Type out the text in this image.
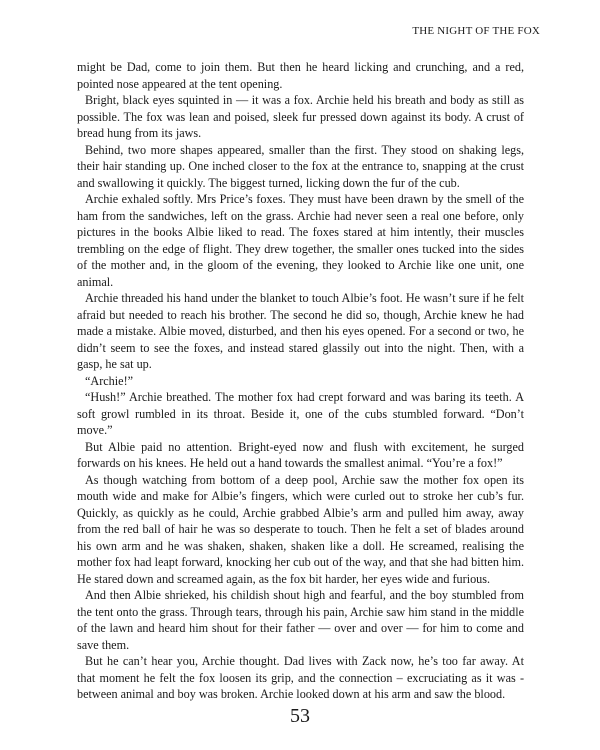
THE NIGHT OF THE FOX

might be Dad, come to join them. But then he heard licking and crunching, and a red, pointed nose appeared at the tent opening.

Bright, black eyes squinted in — it was a fox. Archie held his breath and body as still as possible. The fox was lean and poised, sleek fur pressed down against its body. A crust of bread hung from its jaws.

Behind, two more shapes appeared, smaller than the first. They stood on shaking legs, their hair standing up. One inched closer to the fox at the entrance to, snapping at the crust and swallowing it quickly. The biggest turned, licking down the fur of the cub.

Archie exhaled softly. Mrs Price’s foxes. They must have been drawn by the smell of the ham from the sandwiches, left on the grass. Archie had never seen a real one before, only pictures in the books Albie liked to read. The foxes stared at him intently, their muscles trembling on the edge of flight. They drew together, the smaller ones tucked into the sides of the mother and, in the gloom of the evening, they looked to Archie like one unit, one animal.

Archie threaded his hand under the blanket to touch Albie’s foot. He wasn’t sure if he felt afraid but needed to reach his brother. The second he did so, though, Archie knew he had made a mistake. Albie moved, disturbed, and then his eyes opened. For a second or two, he didn’t seem to see the foxes, and instead stared glassily out into the night. Then, with a gasp, he sat up.

“Archie!”

“Hush!” Archie breathed. The mother fox had crept forward and was baring its teeth. A soft growl rumbled in its throat. Beside it, one of the cubs stumbled forward. “Don’t move.”

But Albie paid no attention. Bright-eyed now and flush with excitement, he surged forwards on his knees. He held out a hand towards the smallest animal. “You’re a fox!”

As though watching from bottom of a deep pool, Archie saw the mother fox open its mouth wide and make for Albie’s fingers, which were curled out to stroke her cub’s fur. Quickly, as quickly as he could, Archie grabbed Albie’s arm and pulled him away, away from the red ball of hair he was so desperate to touch. Then he felt a set of blades around his own arm and he was shaken, shaken, shaken like a doll. He screamed, realising the mother fox had leapt forward, knocking her cub out of the way, and that she had bitten him. He stared down and screamed again, as the fox bit harder, her eyes wide and furious.

And then Albie shrieked, his childish shout high and fearful, and the boy stumbled from the tent onto the grass. Through tears, through his pain, Archie saw him stand in the middle of the lawn and heard him shout for their father — over and over — for him to come and save them.

But he can’t hear you, Archie thought. Dad lives with Zack now, he’s too far away. At that moment he felt the fox loosen its grip, and the connection – excruciating as it was - between animal and boy was broken. Archie looked down at his arm and saw the blood.

53
